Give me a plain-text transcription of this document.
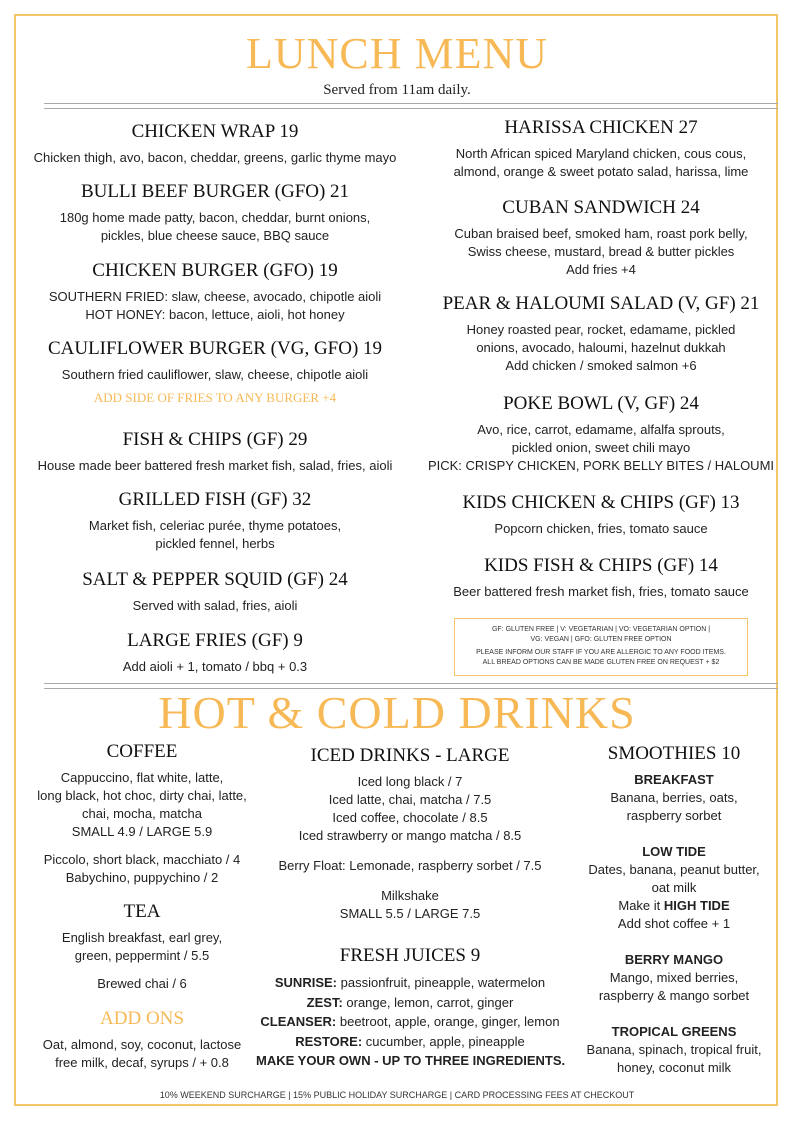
LUNCH MENU
Served from 11am daily.
CHICKEN WRAP 19
Chicken thigh, avo, bacon, cheddar, greens, garlic thyme mayo
BULLI BEEF BURGER (GFO) 21
180g home made patty, bacon, cheddar, burnt onions,
pickles, blue cheese sauce, BBQ sauce
CHICKEN BURGER (GFO) 19
SOUTHERN FRIED: slaw, cheese, avocado, chipotle aioli
HOT HONEY: bacon, lettuce, aioli, hot honey
CAULIFLOWER BURGER (VG, GFO) 19
Southern fried cauliflower, slaw, cheese, chipotle aioli
ADD SIDE OF FRIES TO ANY BURGER +4
FISH & CHIPS (GF) 29
House made beer battered fresh market fish, salad, fries, aioli
GRILLED FISH (GF) 32
Market fish, celeriac purée, thyme potatoes,
pickled fennel, herbs
SALT & PEPPER SQUID (GF) 24
Served with salad, fries, aioli
LARGE FRIES (GF) 9
Add aioli + 1, tomato / bbq + 0.3
HARISSA CHICKEN 27
North African spiced Maryland chicken, cous cous,
almond, orange & sweet potato salad, harissa, lime
CUBAN SANDWICH 24
Cuban braised beef, smoked ham, roast pork belly,
Swiss cheese, mustard, bread & butter pickles
Add fries +4
PEAR & HALOUMI SALAD (V, GF) 21
Honey roasted pear, rocket, edamame, pickled
onions, avocado, haloumi, hazelnut dukkah
Add chicken / smoked salmon +6
POKE BOWL (V, GF) 24
Avo, rice, carrot, edamame, alfalfa sprouts,
pickled onion, sweet chili mayo
PICK: CRISPY CHICKEN, PORK BELLY BITES / HALOUMI
KIDS CHICKEN & CHIPS (GF) 13
Popcorn chicken, fries, tomato sauce
KIDS FISH & CHIPS (GF) 14
Beer battered fresh market fish, fries, tomato sauce
GF: GLUTEN FREE | V: VEGETARIAN | VO: VEGETARIAN OPTION |
VG: VEGAN | GFO: GLUTEN FREE OPTION
PLEASE INFORM OUR STAFF IF YOU ARE ALLERGIC TO ANY FOOD ITEMS.
ALL BREAD OPTIONS CAN BE MADE GLUTEN FREE ON REQUEST + $2
HOT & COLD DRINKS
COFFEE
Cappuccino, flat white, latte,
long black, hot choc, dirty chai, latte,
chai, mocha, matcha
SMALL 4.9 / LARGE 5.9
Piccolo, short black, macchiato / 4
Babychino, puppychino / 2
TEA
English breakfast, earl grey,
green, peppermint / 5.5
Brewed chai / 6
ADD ONS
Oat, almond, soy, coconut, lactose
free milk, decaf, syrups / + 0.8
ICED DRINKS - LARGE
Iced long black / 7
Iced latte, chai, matcha / 7.5
Iced coffee, chocolate / 8.5
Iced strawberry or mango matcha / 8.5
Berry Float: Lemonade, raspberry sorbet / 7.5
Milkshake
SMALL 5.5 / LARGE 7.5
FRESH JUICES 9
SUNRISE: passionfruit, pineapple, watermelon
ZEST: orange, lemon, carrot, ginger
CLEANSER: beetroot, apple, orange, ginger, lemon
RESTORE: cucumber, apple, pineapple
MAKE YOUR OWN - UP TO THREE INGREDIENTS.
SMOOTHIES 10
BREAKFAST
Banana, berries, oats,
raspberry sorbet
LOW TIDE
Dates, banana, peanut butter,
oat milk
Make it HIGH TIDE
Add shot coffee + 1
BERRY MANGO
Mango, mixed berries,
raspberry & mango sorbet
TROPICAL GREENS
Banana, spinach, tropical fruit,
honey, coconut milk
10% WEEKEND SURCHARGE | 15% PUBLIC HOLIDAY SURCHARGE | CARD PROCESSING FEES AT CHECKOUT
